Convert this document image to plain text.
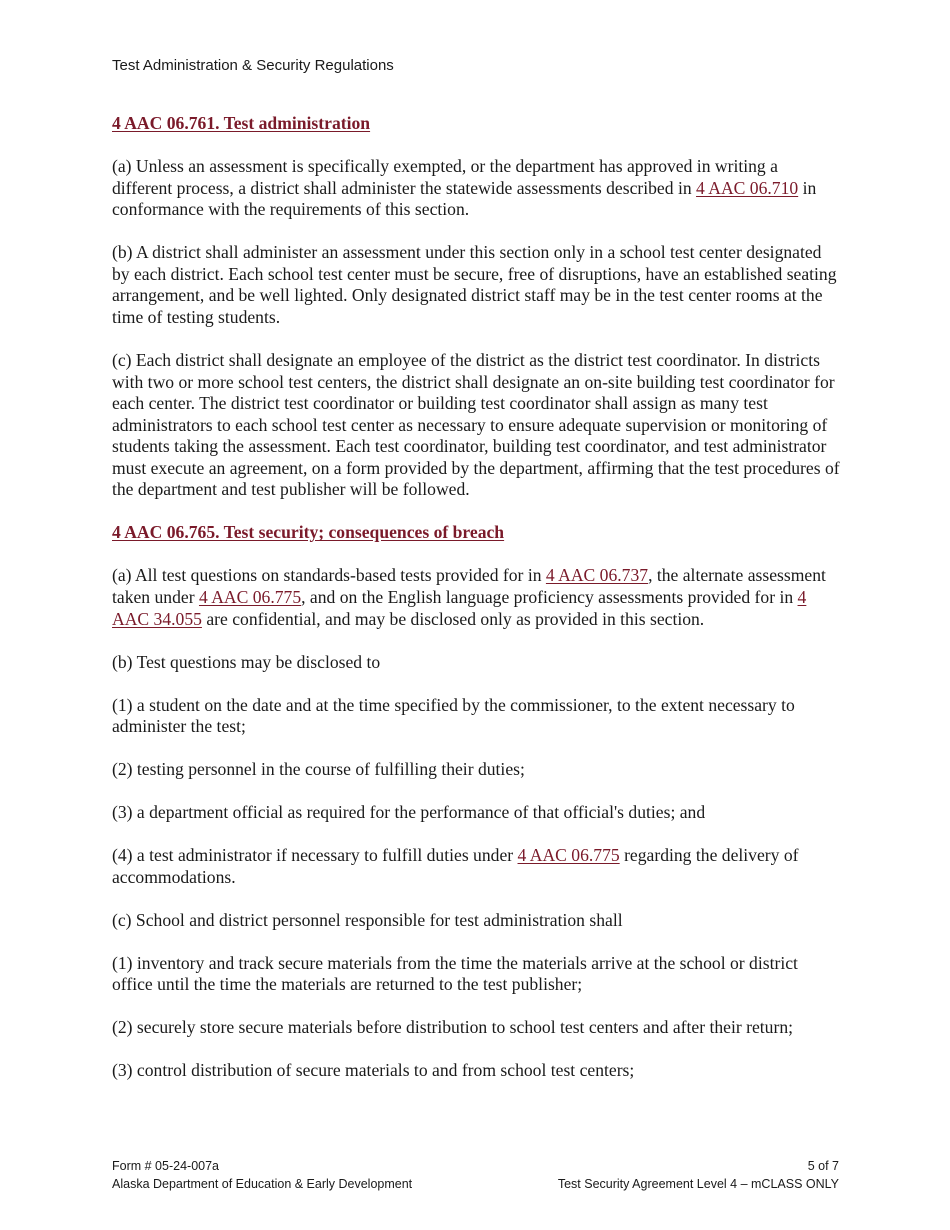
Test Administration & Security Regulations
4 AAC 06.761. Test administration
(a) Unless an assessment is specifically exempted, or the department has approved in writing a different process, a district shall administer the statewide assessments described in 4 AAC 06.710 in conformance with the requirements of this section.
(b) A district shall administer an assessment under this section only in a school test center designated by each district. Each school test center must be secure, free of disruptions, have an established seating arrangement, and be well lighted. Only designated district staff may be in the test center rooms at the time of testing students.
(c) Each district shall designate an employee of the district as the district test coordinator. In districts with two or more school test centers, the district shall designate an on-site building test coordinator for each center. The district test coordinator or building test coordinator shall assign as many test administrators to each school test center as necessary to ensure adequate supervision or monitoring of students taking the assessment. Each test coordinator, building test coordinator, and test administrator must execute an agreement, on a form provided by the department, affirming that the test procedures of the department and test publisher will be followed.
4 AAC 06.765. Test security; consequences of breach
(a) All test questions on standards-based tests provided for in 4 AAC 06.737, the alternate assessment taken under 4 AAC 06.775, and on the English language proficiency assessments provided for in 4 AAC 34.055 are confidential, and may be disclosed only as provided in this section.
(b) Test questions may be disclosed to
(1) a student on the date and at the time specified by the commissioner, to the extent necessary to administer the test;
(2) testing personnel in the course of fulfilling their duties;
(3) a department official as required for the performance of that official's duties; and
(4) a test administrator if necessary to fulfill duties under 4 AAC 06.775 regarding the delivery of accommodations.
(c) School and district personnel responsible for test administration shall
(1) inventory and track secure materials from the time the materials arrive at the school or district office until the time the materials are returned to the test publisher;
(2) securely store secure materials before distribution to school test centers and after their return;
(3) control distribution of secure materials to and from school test centers;
Form # 05-24-007a
Alaska Department of Education & Early Development
5 of 7
Test Security Agreement Level 4 – mCLASS ONLY
